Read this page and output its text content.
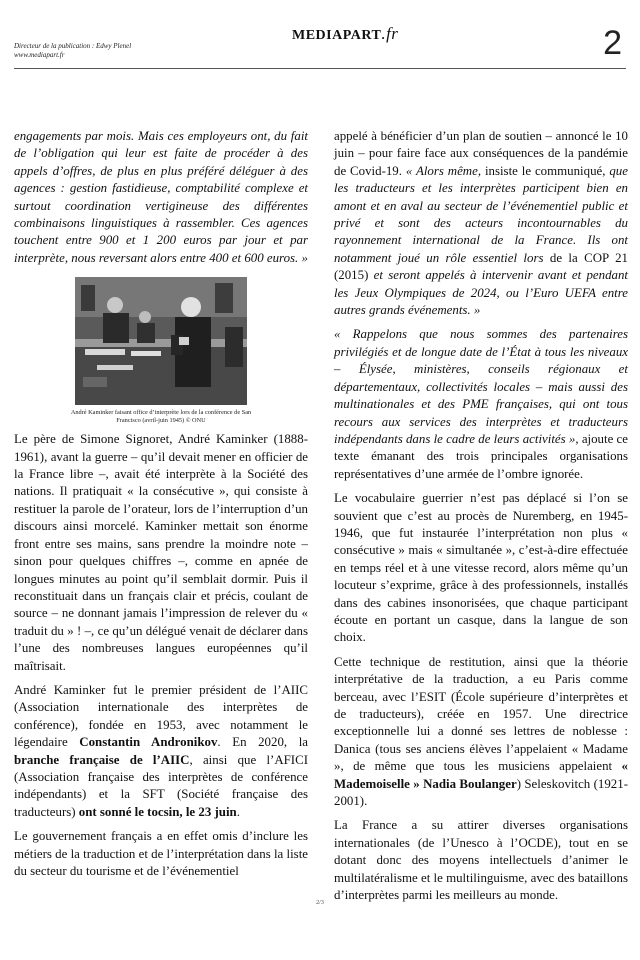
Directeur de la publication : Edwy Plenel
www.mediapart.fr
MEDIAPART.fr	2

engagements par mois. Mais ces employeurs ont, du fait de l’obligation qui leur est faite de procéder à des appels d’offres, de plus en plus préféré déléguer à des agences : gestion fastidieuse, comptabilité complexe et surtout coordination vertigineuse des différentes combinaisons linguistiques à rassembler. Ces agences touchent entre 900 et 1 200 euros par jour et par interprète, nous reversant alors entre 400 et 600 euros. »

André Kaminker faisant office d’interprète lors de la conférence de San Francisco (avril-juin 1945) © ONU

Le père de Simone Signoret, André Kaminker (1888-1961), avant la guerre – qu’il devait mener en officier de la France libre –, avait été interprète à la Société des nations. Il pratiquait « la consécutive », qui consiste à restituer la parole de l’orateur, lors de l’interruption d’un discours ainsi morcelé. Kaminker mettait son énorme front entre ses mains, sans prendre la moindre note – sinon pour quelques chiffres –, comme en apnée de longues minutes au point qu’il semblait dormir. Puis il reconstituait dans un français clair et précis, coulant de source – ne donnant jamais l’impression de relever du « traduit du » ! –, ce qu’un délégué venait de déclarer dans l’une des nombreuses langues européennes qu’il maîtrisait.

André Kaminker fut le premier président de l’AIIC (Association internationale des interprètes de conférence), fondée en 1953, avec notamment le légendaire Constantin Andronikov. En 2020, la branche française de l’AIIC, ainsi que l’AFICI (Association française des interprètes de conférence indépendants) et la SFT (Société française des traducteurs) ont sonné le tocsin, le 23 juin.

Le gouvernement français a en effet omis d’inclure les métiers de la traduction et de l’interprétation dans la liste du secteur du tourisme et de l’événementiel

appelé à bénéficier d’un plan de soutien – annoncé le 10 juin – pour faire face aux conséquences de la pandémie de Covid-19. « Alors même, insiste le communiqué, que les traducteurs et les interprètes participent bien en amont et en aval au secteur de l’événementiel public et privé et sont des acteurs incontournables du rayonnement international de la France. Ils ont notamment joué un rôle essentiel lors de la COP 21 (2015) et seront appelés à intervenir avant et pendant les Jeux Olympiques de 2024, ou l’Euro UEFA entre autres grands événements. »

« Rappelons que nous sommes des partenaires privilégiés et de longue date de l’État à tous les niveaux – Élysée, ministères, conseils régionaux et départementaux, collectivités locales – mais aussi des multinationales et des PME françaises, qui ont tous recours aux services des interprètes et traducteurs indépendants dans le cadre de leurs activités », ajoute ce texte émanant des trois principales organisations représentatives d’une armée de l’ombre ignorée.

Le vocabulaire guerrier n’est pas déplacé si l’on se souvient que c’est au procès de Nuremberg, en 1945-1946, que fut instaurée l’interprétation non plus « consécutive » mais « simultanée », c’est-à-dire effectuée en temps réel et à une vitesse record, alors même qu’un locuteur s’exprime, grâce à des professionnels, installés dans des cabines insonorisées, que chaque participant écoute en portant un casque, dans la langue de son choix.

Cette technique de restitution, ainsi que la théorie interprétative de la traduction, a eu Paris comme berceau, avec l’ESIT (École supérieure d’interprètes et de traducteurs), créée en 1957. Une directrice exceptionnelle lui a donné ses lettres de noblesse : Danica (tous ses anciens élèves l’appelaient « Madame », de même que tous les musiciens appelaient « Mademoiselle » Nadia Boulanger) Seleskovitch (1921-2001).

La France a su attirer diverses organisations internationales (de l’Unesco à l’OCDE), tout en se dotant donc des moyens intellectuels d’animer le multilatéralisme et le multilinguisme, avec des bataillons d’interprètes parmi les meilleurs au monde.

2/3
